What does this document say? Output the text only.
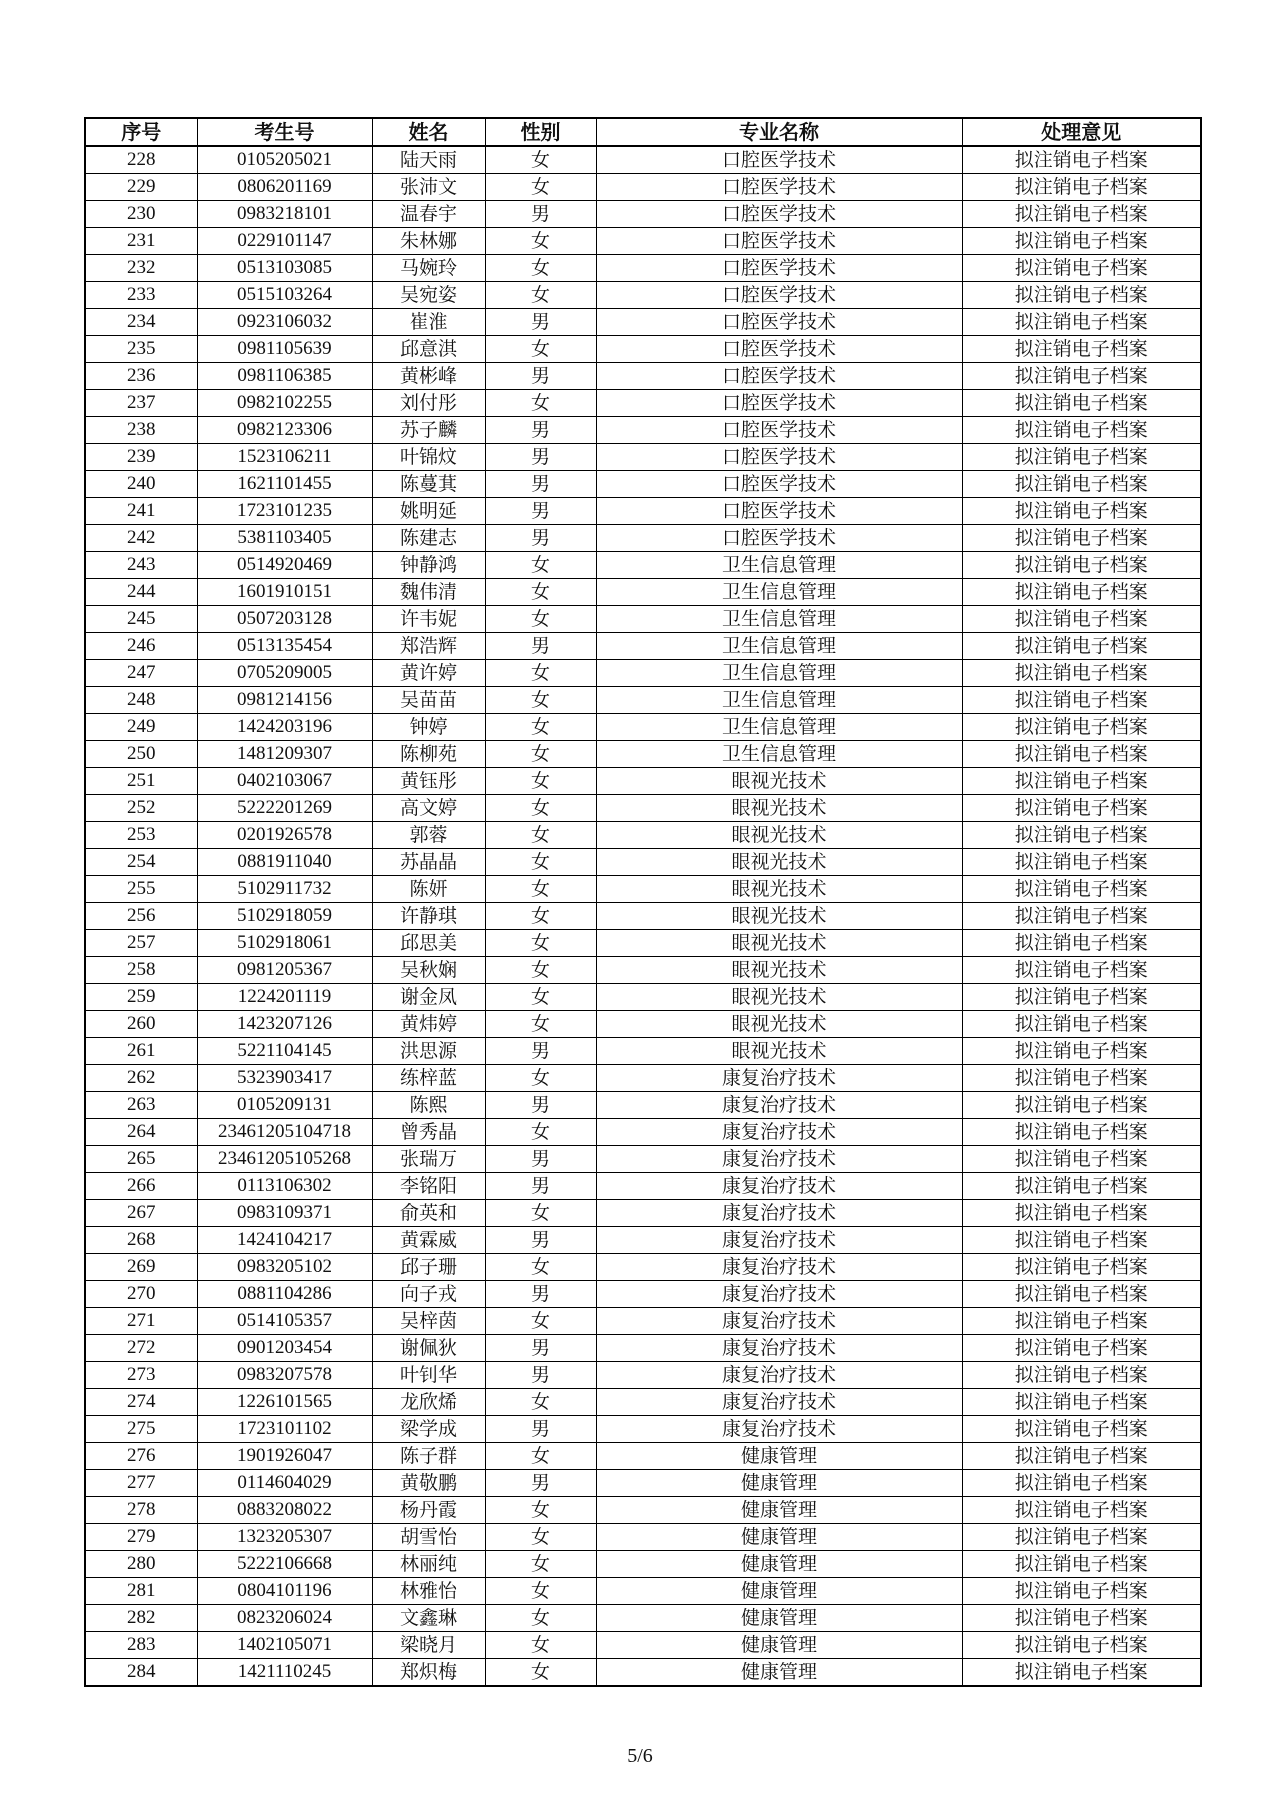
序号	考生号	姓名	性别	专业名称	处理意见
228	0105205021	陆天雨	女	口腔医学技术	拟注销电子档案
229	0806201169	张沛文	女	口腔医学技术	拟注销电子档案
230	0983218101	温春宇	男	口腔医学技术	拟注销电子档案
231	0229101147	朱林娜	女	口腔医学技术	拟注销电子档案
232	0513103085	马婉玲	女	口腔医学技术	拟注销电子档案
233	0515103264	吴宛姿	女	口腔医学技术	拟注销电子档案
234	0923106032	崔淮	男	口腔医学技术	拟注销电子档案
235	0981105639	邱意淇	女	口腔医学技术	拟注销电子档案
236	0981106385	黄彬峰	男	口腔医学技术	拟注销电子档案
237	0982102255	刘付彤	女	口腔医学技术	拟注销电子档案
238	0982123306	苏子麟	男	口腔医学技术	拟注销电子档案
239	1523106211	叶锦炆	男	口腔医学技术	拟注销电子档案
240	1621101455	陈蔓萁	男	口腔医学技术	拟注销电子档案
241	1723101235	姚明延	男	口腔医学技术	拟注销电子档案
242	5381103405	陈建志	男	口腔医学技术	拟注销电子档案
243	0514920469	钟静鸿	女	卫生信息管理	拟注销电子档案
244	1601910151	魏伟清	女	卫生信息管理	拟注销电子档案
245	0507203128	许韦妮	女	卫生信息管理	拟注销电子档案
246	0513135454	郑浩辉	男	卫生信息管理	拟注销电子档案
247	0705209005	黄许婷	女	卫生信息管理	拟注销电子档案
248	0981214156	吴苗苗	女	卫生信息管理	拟注销电子档案
249	1424203196	钟婷	女	卫生信息管理	拟注销电子档案
250	1481209307	陈柳苑	女	卫生信息管理	拟注销电子档案
251	0402103067	黄钰彤	女	眼视光技术	拟注销电子档案
252	5222201269	高文婷	女	眼视光技术	拟注销电子档案
253	0201926578	郭蓉	女	眼视光技术	拟注销电子档案
254	0881911040	苏晶晶	女	眼视光技术	拟注销电子档案
255	5102911732	陈妍	女	眼视光技术	拟注销电子档案
256	5102918059	许静琪	女	眼视光技术	拟注销电子档案
257	5102918061	邱思美	女	眼视光技术	拟注销电子档案
258	0981205367	吴秋娴	女	眼视光技术	拟注销电子档案
259	1224201119	谢金凤	女	眼视光技术	拟注销电子档案
260	1423207126	黄炜婷	女	眼视光技术	拟注销电子档案
261	5221104145	洪思源	男	眼视光技术	拟注销电子档案
262	5323903417	练梓蓝	女	康复治疗技术	拟注销电子档案
263	0105209131	陈熙	男	康复治疗技术	拟注销电子档案
264	23461205104718	曾秀晶	女	康复治疗技术	拟注销电子档案
265	23461205105268	张瑞万	男	康复治疗技术	拟注销电子档案
266	0113106302	李铭阳	男	康复治疗技术	拟注销电子档案
267	0983109371	俞英和	女	康复治疗技术	拟注销电子档案
268	1424104217	黄霖威	男	康复治疗技术	拟注销电子档案
269	0983205102	邱子珊	女	康复治疗技术	拟注销电子档案
270	0881104286	向子戎	男	康复治疗技术	拟注销电子档案
271	0514105357	吴梓茵	女	康复治疗技术	拟注销电子档案
272	0901203454	谢佩狄	男	康复治疗技术	拟注销电子档案
273	0983207578	叶钊华	男	康复治疗技术	拟注销电子档案
274	1226101565	龙欣烯	女	康复治疗技术	拟注销电子档案
275	1723101102	梁学成	男	康复治疗技术	拟注销电子档案
276	1901926047	陈子群	女	健康管理	拟注销电子档案
277	0114604029	黄敬鹏	男	健康管理	拟注销电子档案
278	0883208022	杨丹霞	女	健康管理	拟注销电子档案
279	1323205307	胡雪怡	女	健康管理	拟注销电子档案
280	5222106668	林丽纯	女	健康管理	拟注销电子档案
281	0804101196	林雅怡	女	健康管理	拟注销电子档案
282	0823206024	文鑫琳	女	健康管理	拟注销电子档案
283	1402105071	梁晓月	女	健康管理	拟注销电子档案
284	1421110245	郑炽梅	女	健康管理	拟注销电子档案
5/6
